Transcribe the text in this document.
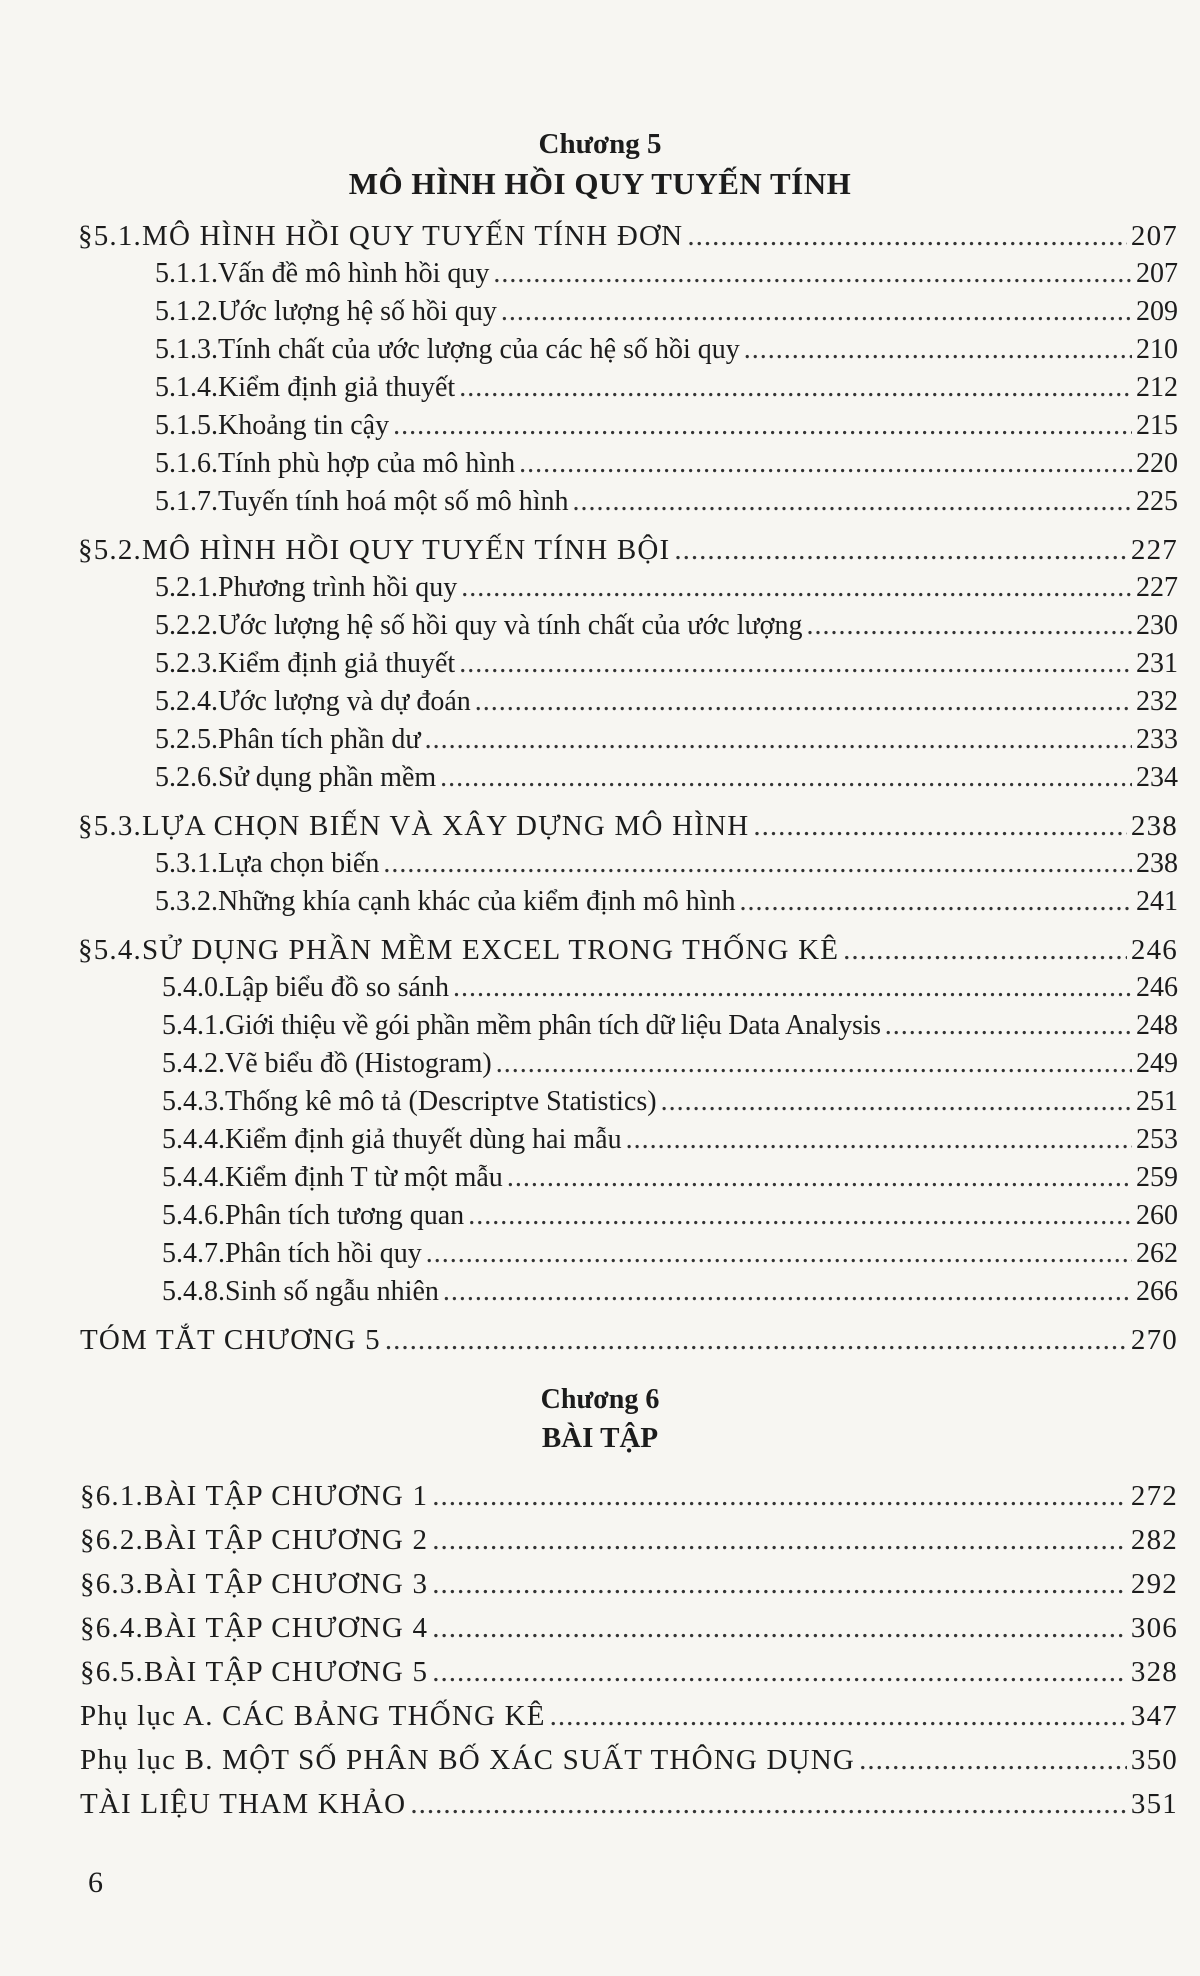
Chương 5
MÔ HÌNH HỒI QUY TUYẾN TÍNH
§5.1. MÔ HÌNH HỒI QUY TUYẾN TÍNH ĐƠN .....	207
5.1.1. Vấn đề mô hình hồi quy .....	207
5.1.2. Ước lượng hệ số hồi quy .....	209
5.1.3. Tính chất của ước lượng của các hệ số hồi quy .....	210
5.1.4. Kiểm định giả thuyết .....	212
5.1.5. Khoảng tin cậy .....	215
5.1.6. Tính phù hợp của mô hình .....	220
5.1.7. Tuyến tính hoá một số mô hình .....	225
§5.2. MÔ HÌNH HỒI QUY TUYẾN TÍNH BỘI .....	227
5.2.1. Phương trình hồi quy .....	227
5.2.2. Ước lượng hệ số hồi quy và tính chất của ước lượng .....	230
5.2.3. Kiểm định giả thuyết .....	231
5.2.4. Ước lượng và dự đoán .....	232
5.2.5. Phân tích phần dư .....	233
5.2.6. Sử dụng phần mềm .....	234
§5.3. LỰA CHỌN BIẾN VÀ XÂY DỰNG MÔ HÌNH .....	238
5.3.1. Lựa chọn biến .....	238
5.3.2. Những khía cạnh khác của kiểm định mô hình .....	241
§5.4. SỬ DỤNG PHẦN MỀM EXCEL TRONG THỐNG KÊ .....	246
5.4.0. Lập biểu đồ so sánh .....	246
5.4.1. Giới thiệu về gói phần mềm phân tích dữ liệu Data Analysis .....	248
5.4.2. Vẽ biểu đồ (Histogram) .....	249
5.4.3. Thống kê mô tả (Descriptve Statistics) .....	251
5.4.4. Kiểm định giả thuyết dùng hai mẫu .....	253
5.4.4. Kiểm định T từ một mẫu .....	259
5.4.6. Phân tích tương quan .....	260
5.4.7. Phân tích hồi quy .....	262
5.4.8. Sinh số ngẫu nhiên .....	266
TÓM TẮT CHƯƠNG 5 .....	270
Chương 6
BÀI TẬP
§6.1. BÀI TẬP CHƯƠNG 1 .....	272
§6.2. BÀI TẬP CHƯƠNG 2 .....	282
§6.3. BÀI TẬP CHƯƠNG 3 .....	292
§6.4. BÀI TẬP CHƯƠNG 4 .....	306
§6.5. BÀI TẬP CHƯƠNG 5 .....	328
Phụ lục A. CÁC BẢNG THỐNG KÊ .....	347
Phụ lục B. MỘT SỐ PHÂN BỐ XÁC SUẤT THÔNG DỤNG .....	350
TÀI LIỆU THAM KHẢO .....	351
6
